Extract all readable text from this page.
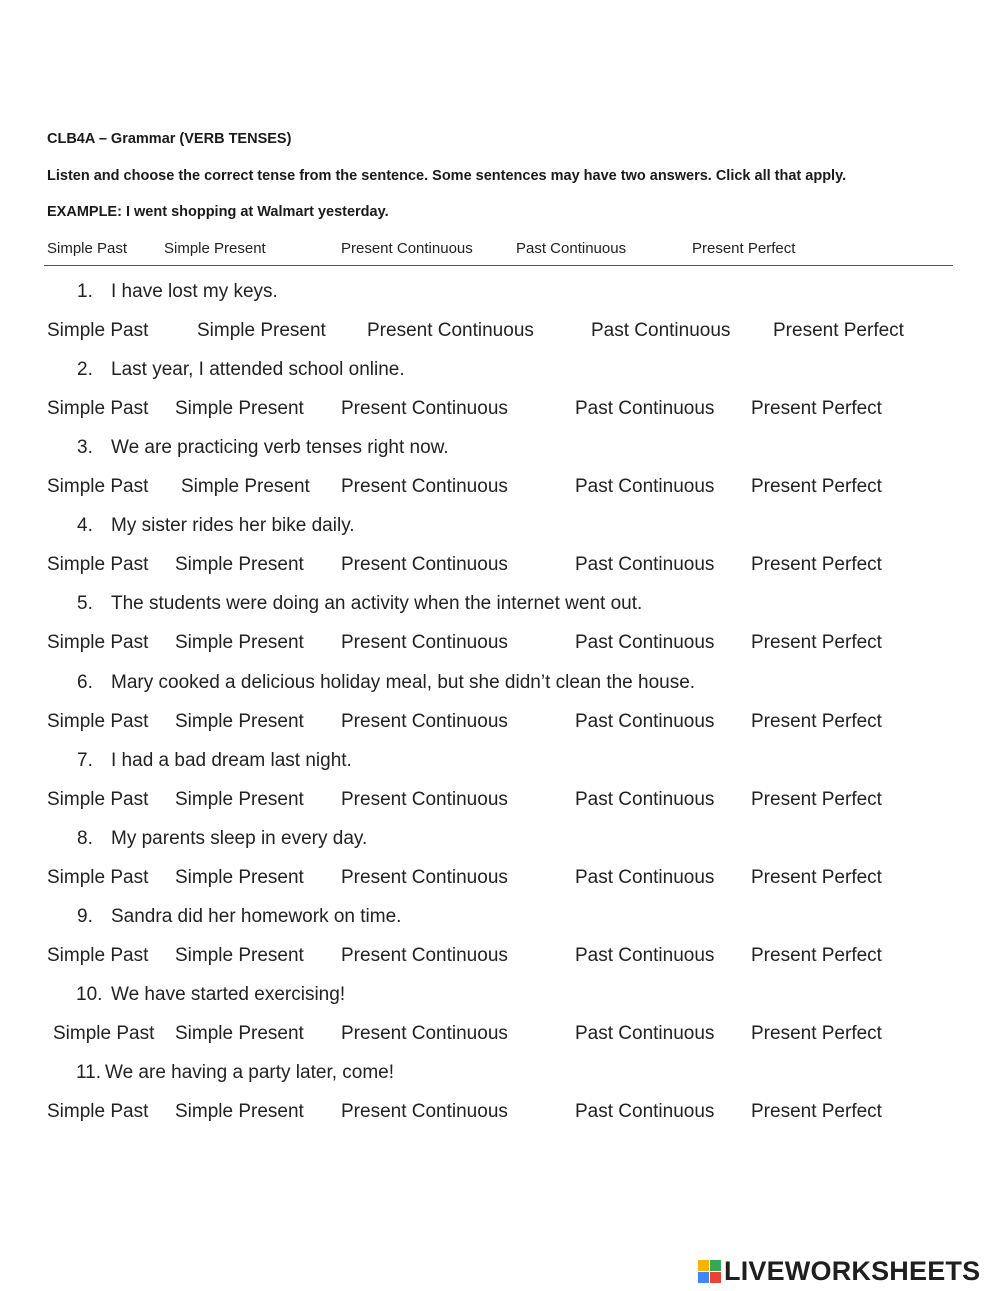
CLB4A – Grammar (VERB TENSES)
Listen and choose the correct tense from the sentence. Some sentences may have two answers. Click all that apply.
EXAMPLE: I went shopping at Walmart yesterday.
Simple Past Simple Present	Present Continuous	Past Continuous	Present Perfect
1. I have lost my keys.
Simple Past	Simple Present Present Continuous	Past Continuous Present Perfect
2. Last year, I attended school online.
Simple Past Simple Present Present Continuous	Past Continuous Present Perfect
3. We are practicing verb tenses right now.
Simple Past Simple Present Present Continuous	Past Continuous Present Perfect
4. My sister rides her bike daily.
Simple Past Simple Present Present Continuous	Past Continuous Present Perfect
5. The students were doing an activity when the internet went out.
Simple Past Simple Present Present Continuous	Past Continuous Present Perfect
6. Mary cooked a delicious holiday meal, but she didn’t clean the house.
Simple Past Simple Present Present Continuous	Past Continuous Present Perfect
7. I had a bad dream last night.
Simple Past Simple Present Present Continuous	Past Continuous Present Perfect
8. My parents sleep in every day.
Simple Past Simple Present Present Continuous	Past Continuous Present Perfect
9. Sandra did her homework on time.
Simple Past Simple Present Present Continuous	Past Continuous Present Perfect
10. We have started exercising!
Simple Past Simple Present Present Continuous	Past Continuous Present Perfect
11. We are having a party later, come!
Simple Past Simple Present Present Continuous	Past Continuous Present Perfect
LIVEWORKSHEETS
